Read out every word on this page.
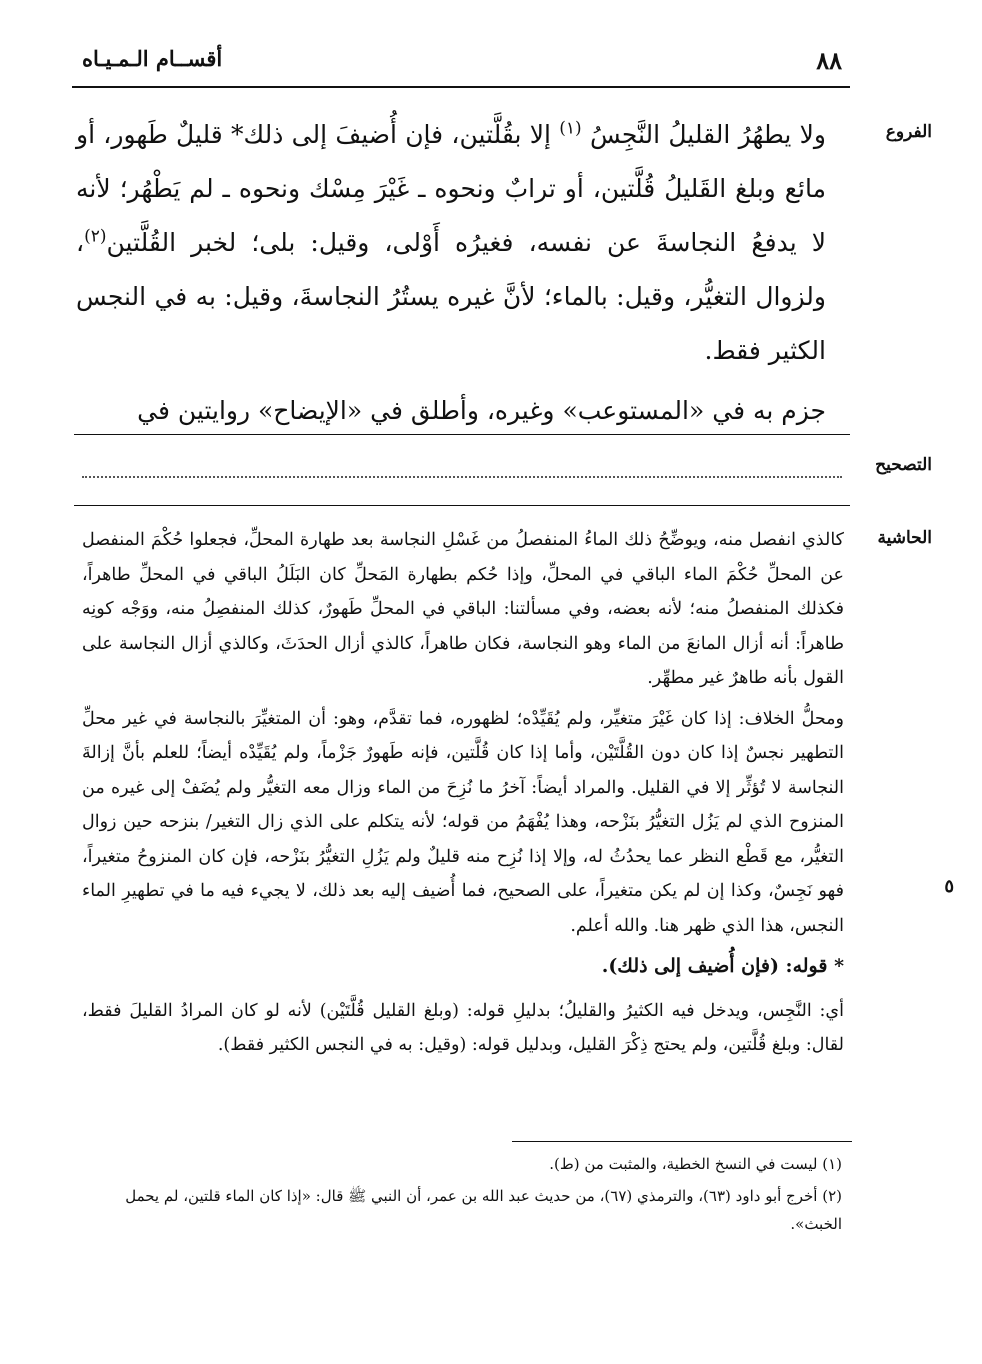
٨٨
أقســام الـمـيـاه
الفروع

ولا يطهُرُ القليلُ النَّجِسُ $^{(١)}$ إلا بقُلَّتين، فإن أُضيفَ إلى ذلك* قليلٌ طَهور، أو مائع وبلغ القَليلُ قُلَّتين، أو ترابٌ ونحوه ـ غَيْرَ مِسْك ونحوه ـ لم يَطْهُر؛ لأنه لا يدفعُ النجاسةَ عن نفسه، فغيرُه أَوْلى، وقيل: بلى؛ لخبر القُلَّتين$^{(٢)}$، ولزوال التغيُّر، وقيل: بالماء؛ لأنَّ غيره يستُرُ النجاسةَ، وقيل: به في النجس الكثير فقط.

جزم به في «المستوعب» وغيره، وأطلق في «الإيضاح» روايتين في

التصحيح
الحاشية

كالذي انفصل منه، ويوضِّحُ ذلك الماءُ المنفصلُ من غَسْلِ النجاسة بعد طهارة المحلِّ، فجعلوا حُكْمَ المنفصل عن المحلِّ حُكْمَ الماء الباقي في المحلِّ، وإذا حُكم بطهارة المَحلِّ كان البَلَلُ الباقي في المحلِّ طاهراً، فكذلك المنفصلُ منه؛ لأنه بعضه، وفي مسألتنا: الباقي في المحلِّ طَهورٌ، كذلك المنفصِلُ منه، ووَجْه كونِه طاهراً: أنه أزال المانعَ من الماء وهو النجاسة، فكان طاهراً، كالذي أزال الحدَثَ، وكالذي أزال النجاسة على القول بأنه طاهرٌ غير مطهِّر.

ومحلُّ الخلاف: إذا كان غَيْرَ متغيِّر، ولم يُقَيِّدْه؛ لظهوره، فما تقدَّم، وهو: أن المتغيِّرَ بالنجاسة في غير محلِّ التطهير نجسٌ إذا كان دون القُلَّتَيْن، وأما إذا كان قُلَّتين، فإنه طَهورٌ جَزْماً، ولم يُقَيِّدْه أيضاً؛ للعلم بأنَّ إزالةَ النجاسة لا تُؤثِّر إلا في القليل. والمراد أيضاً: آخرُ ما نُزِحَ من الماء وزال معه التغيُّر ولم يُضَفْ إلى غيره من المنزوح الذي لم يَزُل التغيُّرُ بنَزْحه، وهذا يُفْهَمُ من قوله؛ لأنه يتكلم على الذي زال التغير/ بنزحه حين زوال التغيُّر، مع قَطْع النظر عما يحدُثُ له، وإلا إذا نُزِح منه قليلٌ ولم يَزُلِ التغيُّرُ بنَزْحه، فإن كان المنزوحُ متغيراً، فهو نَجِسٌ، وكذا إن لم يكن متغيراً، على الصحيح، فما أُضيف إليه بعد ذلك، لا يجيء فيه ما في تطهيرِ الماء النجس، هذا الذي ظهر هنا. والله أعلم.

* قوله: (فإن أُضيف إلى ذلك).

أي: النَّجِس، ويدخل فيه الكثيرُ والقليلُ؛ بدليلِ قوله: (وبلغ القليل قُلَّتَيْن) لأنه لو كان المرادُ القليلَ فقط، لقال: وبلغ قُلَّتين، ولم يحتج ذِكْرَ القليل، وبدليل قوله: (وقيل: به في النجس الكثير فقط).

٥

(١) ليست في النسخ الخطية، والمثبت من (ط).

(٢) أخرج أبو داود (٦٣)، والترمذي (٦٧)، من حديث عبد الله بن عمر، أن النبي ﷺ قال: «إذا كان الماء قلتين، لم يحمل الخبث».
